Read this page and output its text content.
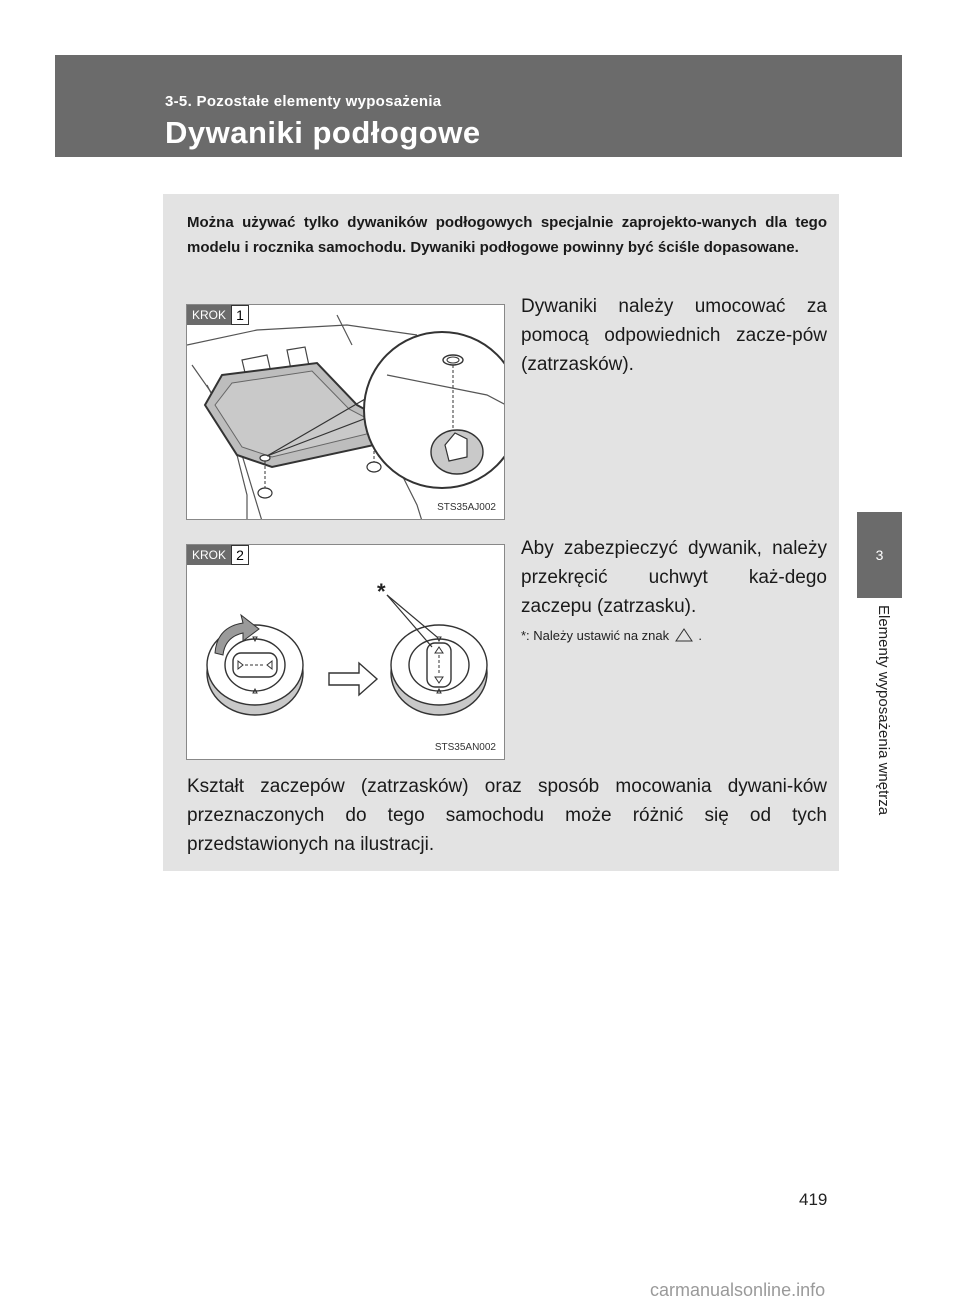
3-5. Pozostałe elementy wyposażenia
Dywaniki podłogowe
3
Elementy wyposażenia wnętrza
Można używać tylko dywaników podłogowych specjalnie zaprojekto-wanych dla tego modelu i rocznika samochodu. Dywaniki podłogowe powinny być ściśle dopasowane.
KROK 1
STS35AJ002
Dywaniki należy umocować za pomocą odpowiednich zacze-pów (zatrzasków).
*
KROK 2
STS35AN002
Aby zabezpieczyć dywanik, należy przekręcić uchwyt każ-dego zaczepu (zatrzasku).
*: Należy ustawić na znak .
Kształt zaczepów (zatrzasków) oraz sposób mocowania dywani-ków przeznaczonych do tego samochodu może różnić się od tych przedstawionych na ilustracji.
419
carmanualsonline.info
